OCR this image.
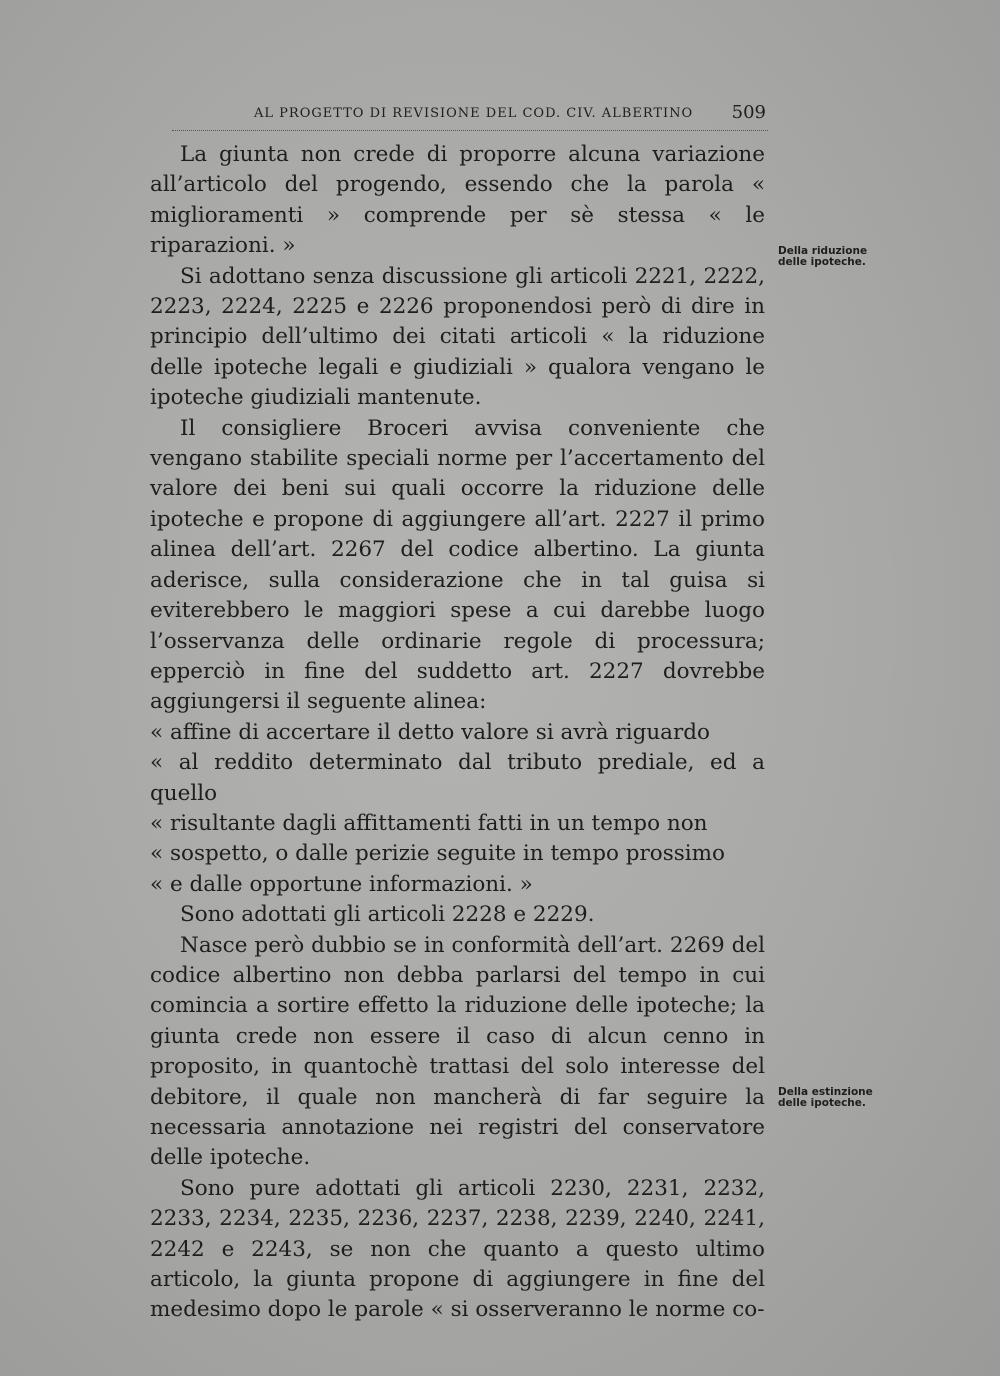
AL PROGETTO DI REVISIONE DEL COD. CIV. ALBERTINO 509

La giunta non crede di proporre alcuna variazione all’articolo del progendo, essendo che la parola « miglioramenti » comprende per sè stessa « le riparazioni. »

Si adottano senza discussione gli articoli 2221, 2222, 2223, 2224, 2225 e 2226 proponendosi però di dire in principio dell’ultimo dei citati articoli « la riduzione delle ipoteche legali e giudiziali » qualora vengano le ipoteche giudiziali mantenute.

Il consigliere Broceri avvisa conveniente che vengano stabilite speciali norme per l’accertamento del valore dei beni sui quali occorre la riduzione delle ipoteche e propone di aggiungere all’art. 2227 il primo alinea dell’art. 2267 del codice albertino. La giunta aderisce, sulla considerazione che in tal guisa si eviterebbero le maggiori spese a cui darebbe luogo l’osservanza delle ordinarie regole di processura; epperciò in fine del suddetto art. 2227 dovrebbe aggiungersi il seguente alinea:

« affine di accertare il detto valore si avrà riguardo
« al reddito determinato dal tributo prediale, ed a quello
« risultante dagli affittamenti fatti in un tempo non
« sospetto, o dalle perizie seguite in tempo prossimo
« e dalle opportune informazioni. »

Sono adottati gli articoli 2228 e 2229.

Nasce però dubbio se in conformità dell’art. 2269 del codice albertino non debba parlarsi del tempo in cui comincia a sortire effetto la riduzione delle ipoteche; la giunta crede non essere il caso di alcun cenno in proposito, in quantochè trattasi del solo interesse del debitore, il quale non mancherà di far seguire la necessaria annotazione nei registri del conservatore delle ipoteche.

Sono pure adottati gli articoli 2230, 2231, 2232, 2233, 2234, 2235, 2236, 2237, 2238, 2239, 2240, 2241, 2242 e 2243, se non che quanto a questo ultimo articolo, la giunta propone di aggiungere in fine del medesimo dopo le parole « si osserveranno le norme co-

Della riduzione delle ipoteche.
Della estinzione delle ipoteche.
